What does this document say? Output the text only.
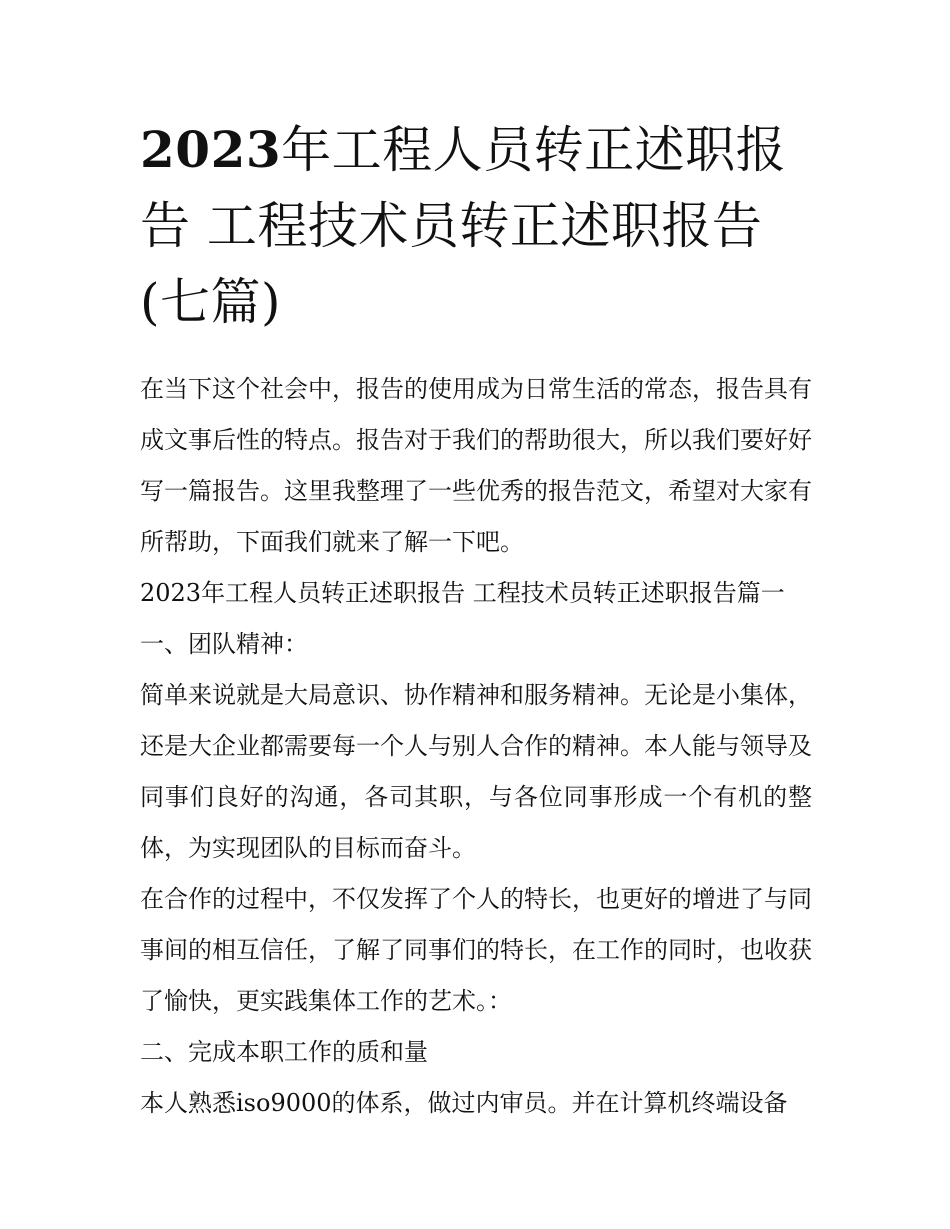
2023年工程人员转正述职报告 工程技术员转正述职报告(七篇)

在当下这个社会中，报告的使用成为日常生活的常态，报告具有成文事后性的特点。报告对于我们的帮助很大，所以我们要好好写一篇报告。这里我整理了一些优秀的报告范文，希望对大家有所帮助，下面我们就来了解一下吧。

2023年工程人员转正述职报告 工程技术员转正述职报告篇一

一、团队精神：

简单来说就是大局意识、协作精神和服务精神。无论是小集体，还是大企业都需要每一个人与别人合作的精神。本人能与领导及同事们良好的沟通，各司其职，与各位同事形成一个有机的整体，为实现团队的目标而奋斗。

在合作的过程中，不仅发挥了个人的特长，也更好的增进了与同事间的相互信任，了解了同事们的特长，在工作的同时，也收获了愉快，更实践集体工作的艺术。：

二、完成本职工作的质和量

本人熟悉iso9000的体系，做过内审员。并在计算机终端设备
